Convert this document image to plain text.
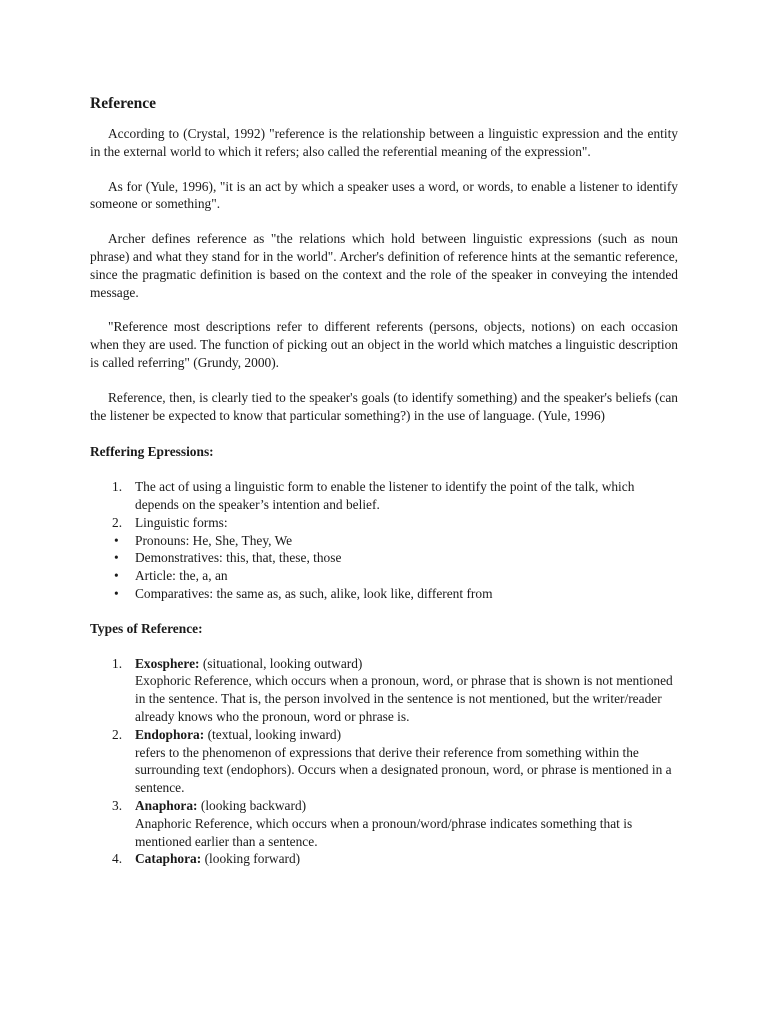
Reference

According to (Crystal, 1992) "reference is the relationship between a linguistic expression and the entity in the external world to which it refers; also called the referential meaning of the expression".

As for (Yule, 1996), "it is an act by which a speaker uses a word, or words, to enable a listener to identify someone or something".

Archer defines reference as "the relations which hold between linguistic expressions (such as noun phrase) and what they stand for in the world". Archer's definition of reference hints at the semantic reference, since the pragmatic definition is based on the context and the role of the speaker in conveying the intended message.

"Reference most descriptions refer to different referents (persons, objects, notions) on each occasion when they are used. The function of picking out an object in the world which matches a linguistic description is called referring" (Grundy, 2000).

Reference, then, is clearly tied to the speaker's goals (to identify something) and the speaker's beliefs (can the listener be expected to know that particular something?) in the use of language. (Yule, 1996)

Reffering Epressions:
1. The act of using a linguistic form to enable the listener to identify the point of the talk, which depends on the speaker’s intention and belief.
2. Linguistic forms:
• Pronouns: He, She, They, We
• Demonstratives: this, that, these, those
• Article: the, a, an
• Comparatives: the same as, as such, alike, look like, different from
Types of Reference:
1. Exosphere: (situational, looking outward)
Exophoric Reference, which occurs when a pronoun, word, or phrase that is shown is not mentioned in the sentence. That is, the person involved in the sentence is not mentioned, but the writer/reader already knows who the pronoun, word or phrase is.
2. Endophora: (textual, looking inward)
refers to the phenomenon of expressions that derive their reference from something within the surrounding text (endophors). Occurs when a designated pronoun, word, or phrase is mentioned in a sentence.
3. Anaphora: (looking backward)
Anaphoric Reference, which occurs when a pronoun/word/phrase indicates something that is mentioned earlier than a sentence.
4. Cataphora: (looking forward)
